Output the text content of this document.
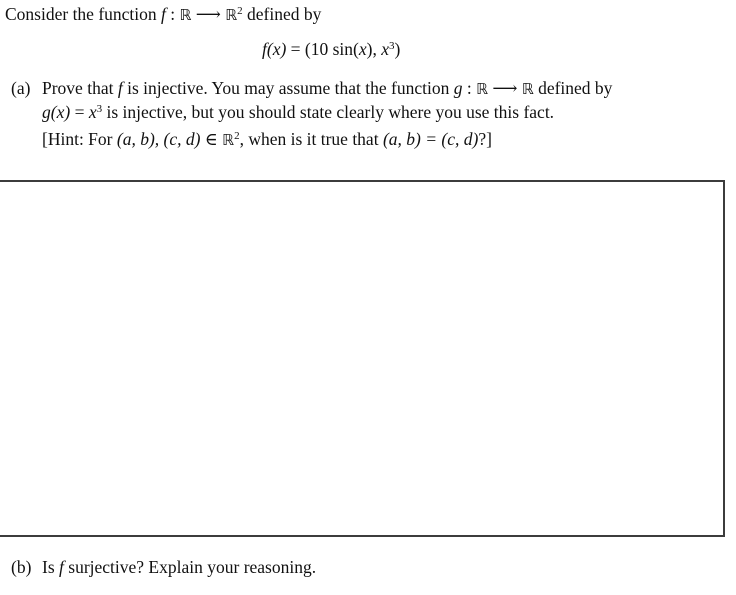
Consider the function f : ℝ ⟶ ℝ$^2$ defined by
f(x) = (10 sin(x), $x^3$)
(a) Prove that f is injective. You may assume that the function g : ℝ ⟶ ℝ defined by
$g(x) = x^3$ is injective, but you should state clearly where you use this fact.
[Hint: For (a, b), (c, d) ∈ ℝ$^2$, when is it true that (a, b) = (c, d)?]
(b) Is f surjective? Explain your reasoning.
